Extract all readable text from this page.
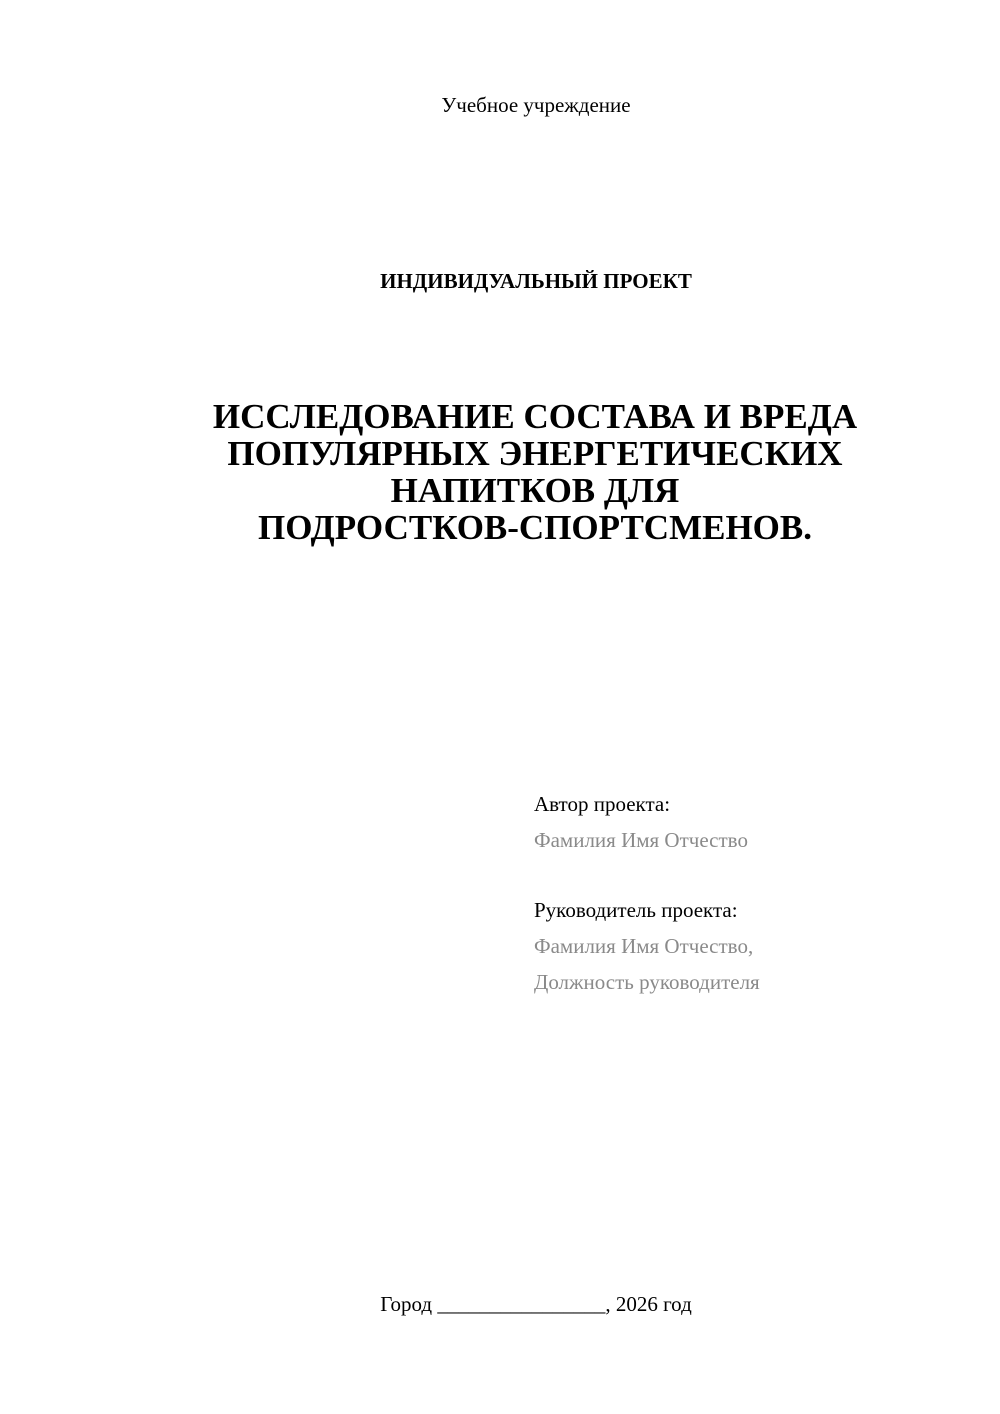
Учебное учреждение
ИНДИВИДУАЛЬНЫЙ ПРОЕКТ
ИССЛЕДОВАНИЕ СОСТАВА И ВРЕДА
ПОПУЛЯРНЫХ ЭНЕРГЕТИЧЕСКИХ
НАПИТКОВ ДЛЯ
ПОДРОСТКОВ-СПОРТСМЕНОВ.
Автор проекта:
Фамилия Имя Отчество
Руководитель проекта:
Фамилия Имя Отчество,
Должность руководителя
Город ________________, 2026 год
